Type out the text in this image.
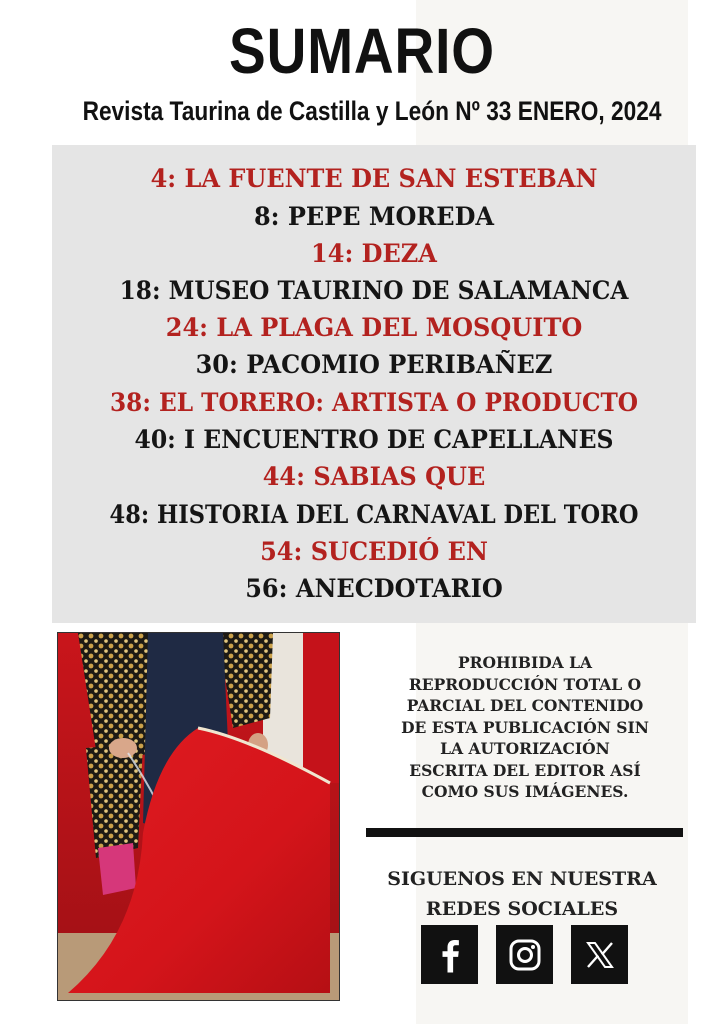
SUMARIO
Revista Taurina de Castilla y León Nº 33 ENERO, 2024
4: LA FUENTE DE SAN ESTEBAN
8: PEPE MOREDA
14: DEZA
18: MUSEO TAURINO DE SALAMANCA
24: LA PLAGA DEL MOSQUITO
30: PACOMIO PERIBAÑEZ
38: EL TORERO: ARTISTA O PRODUCTO
40: I ENCUENTRO DE CAPELLANES
44: SABIAS QUE
48: HISTORIA DEL CARNAVAL DEL TORO
54: SUCEDIÓ EN
56: ANECDOTARIO
PROHIBIDA LA
REPRODUCCIÓN TOTAL O
PARCIAL DEL CONTENIDO
DE ESTA PUBLICACIÓN SIN
LA AUTORIZACIÓN
ESCRITA DEL EDITOR ASÍ
COMO SUS IMÁGENES.
SIGUENOS EN NUESTRA
REDES SOCIALES
